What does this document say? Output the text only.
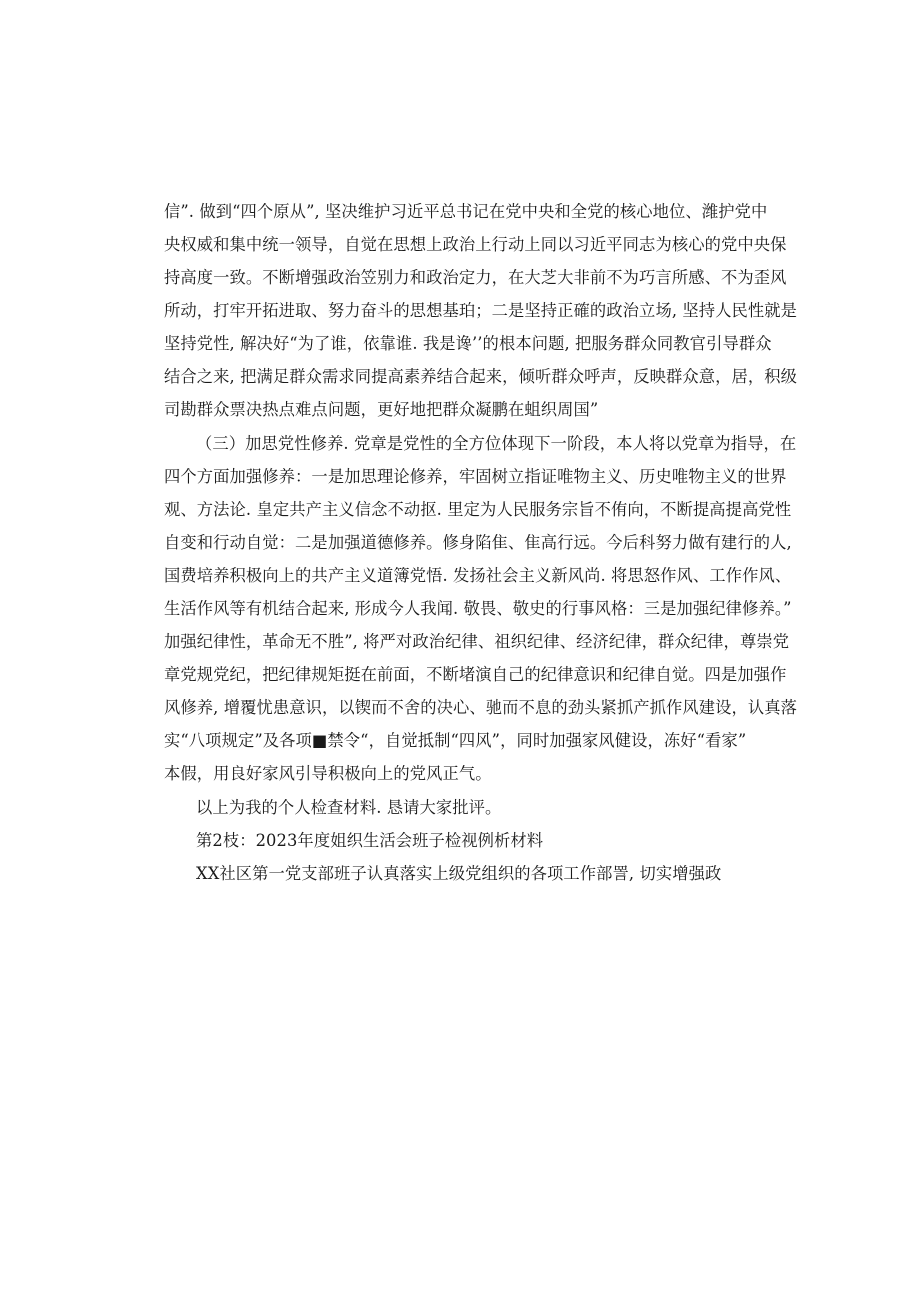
信”. 做到“四个原从”, 坚决维护习近平总书记在党中央和全党的核心地位、潍护党中
央权威和集中统一领导，自觉在思想上政治上行动上同以习近平同志为核心的党中央保
持高度一致。不断增强政治笠别力和政治定力，在大芝大非前不为巧言所感、不为歪风
所动，打牢开拓进取、努力奋斗的思想基珀；二是坚持正確的政治立场, 坚持人民性就是
坚持党性, 解决好“为了谁，依靠谁. 我是谗’’的根本问题, 把服务群众同教官引导群众
结合之来, 把满足群众需求同提高素养结合起来，倾听群众呼声，反映群众意，居，积级
司勘群众票决热点难点问题，更好地把群众凝鹏在蛆织周国”
（三）加思党性修养. 党章是党性的全方位体现下一阶段，本人将以党章为指导，在
四个方面加强修养：一是加思理论修养，牢固树立指证唯物主义、历史唯物主义的世界
观、方法论. 皇定共产主义信念不动抠. 里定为人民服务宗旨不侑向，不断提高提高党性
自变和行动自觉：二是加强道德修养。修身陷隹、隹高行远。今后科努力做有建行的人,
国费培养积极向上的共产主义道簿党悟. 发扬社会主义新风尚. 将思怒作风、工作作风、
生活作风等有机结合起来, 形成今人我闻. 敬畏、敬史的行事风格：三是加强纪律修养。”
加强纪律性，革命无不胜”, 将严对政治纪律、祖织纪律、经济纪律，群众纪律，尊崇党
章党规党纪，把纪律规矩挺在前面，不断堵演自己的纪律意识和纪律自觉。四是加强作
风修养, 增覆忧患意识，以锲而不舍的决心、驰而不息的劲头紧抓产抓作风建设，认真落
实“八项规定”及各项■禁令“，自觉抵制“四风”，同时加强家风健设，冻好“看家”
本假，用良好家风引导积极向上的党风正气。
以上为我的个人检查材料. 恳请大家批评。
第2枝：2023年度姐织生活会班子检视例析材料
XX社区第一党支部班子认真落实上级党组织的各项工作部詈, 切实增强政
